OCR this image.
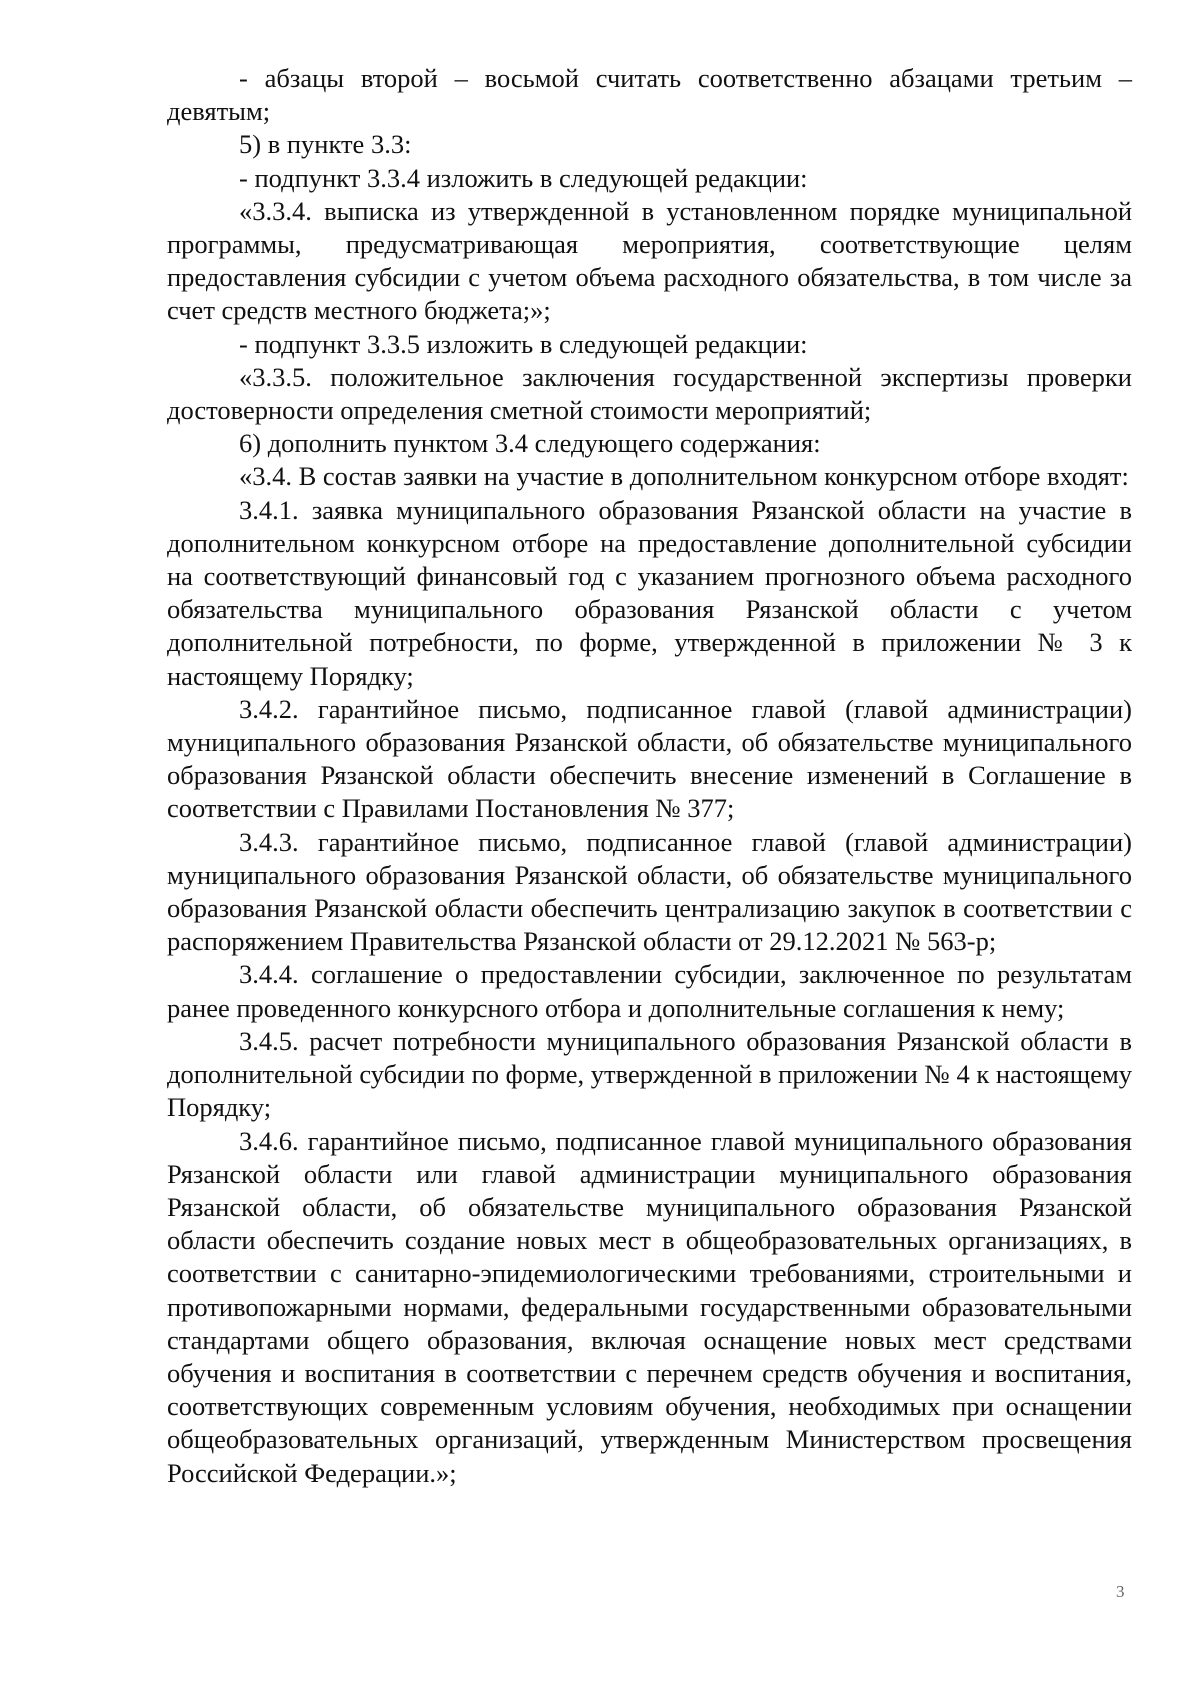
- абзацы второй – восьмой считать соответственно абзацами третьим – девятым;

5) в пункте 3.3:

- подпункт 3.3.4 изложить в следующей редакции:

«3.3.4. выписка из утвержденной в установленном порядке муниципальной программы, предусматривающая мероприятия, соответствующие целям предоставления субсидии с учетом объема расходного обязательства, в том числе за счет средств местного бюджета;»;

- подпункт 3.3.5 изложить в следующей редакции:

«3.3.5. положительное заключения государственной экспертизы проверки достоверности определения сметной стоимости мероприятий;

6) дополнить пунктом 3.4 следующего содержания:

«3.4. В состав заявки на участие в дополнительном конкурсном отборе входят:

3.4.1. заявка муниципального образования Рязанской области на участие в дополнительном конкурсном отборе на предоставление дополнительной субсидии на соответствующий финансовый год с указанием прогнозного объема расходного обязательства муниципального образования Рязанской области с учетом дополнительной потребности, по форме, утвержденной в приложении № 3 к настоящему Порядку;

3.4.2. гарантийное письмо, подписанное главой (главой администрации) муниципального образования Рязанской области, об обязательстве муниципального образования Рязанской области обеспечить внесение изменений в Соглашение в соответствии с Правилами Постановления № 377;

3.4.3. гарантийное письмо, подписанное главой (главой администрации) муниципального образования Рязанской области, об обязательстве муниципального образования Рязанской области обеспечить централизацию закупок в соответствии с распоряжением Правительства Рязанской области от 29.12.2021 № 563-р;

3.4.4. соглашение о предоставлении субсидии, заключенное по результатам ранее проведенного конкурсного отбора и дополнительные соглашения к нему;

3.4.5. расчет потребности муниципального образования Рязанской области в дополнительной субсидии по форме, утвержденной в приложении № 4 к настоящему Порядку;

3.4.6. гарантийное письмо, подписанное главой муниципального образования Рязанской области или главой администрации муниципального образования Рязанской области, об обязательстве муниципального образования Рязанской области обеспечить создание новых мест в общеобразовательных организациях, в соответствии с санитарно-эпидемиологическими требованиями, строительными и противопожарными нормами, федеральными государственными образовательными стандартами общего образования, включая оснащение новых мест средствами обучения и воспитания в соответствии с перечнем средств обучения и воспитания, соответствующих современным условиям обучения, необходимых при оснащении общеобразовательных организаций, утвержденным Министерством просвещения Российской Федерации.»;

3
